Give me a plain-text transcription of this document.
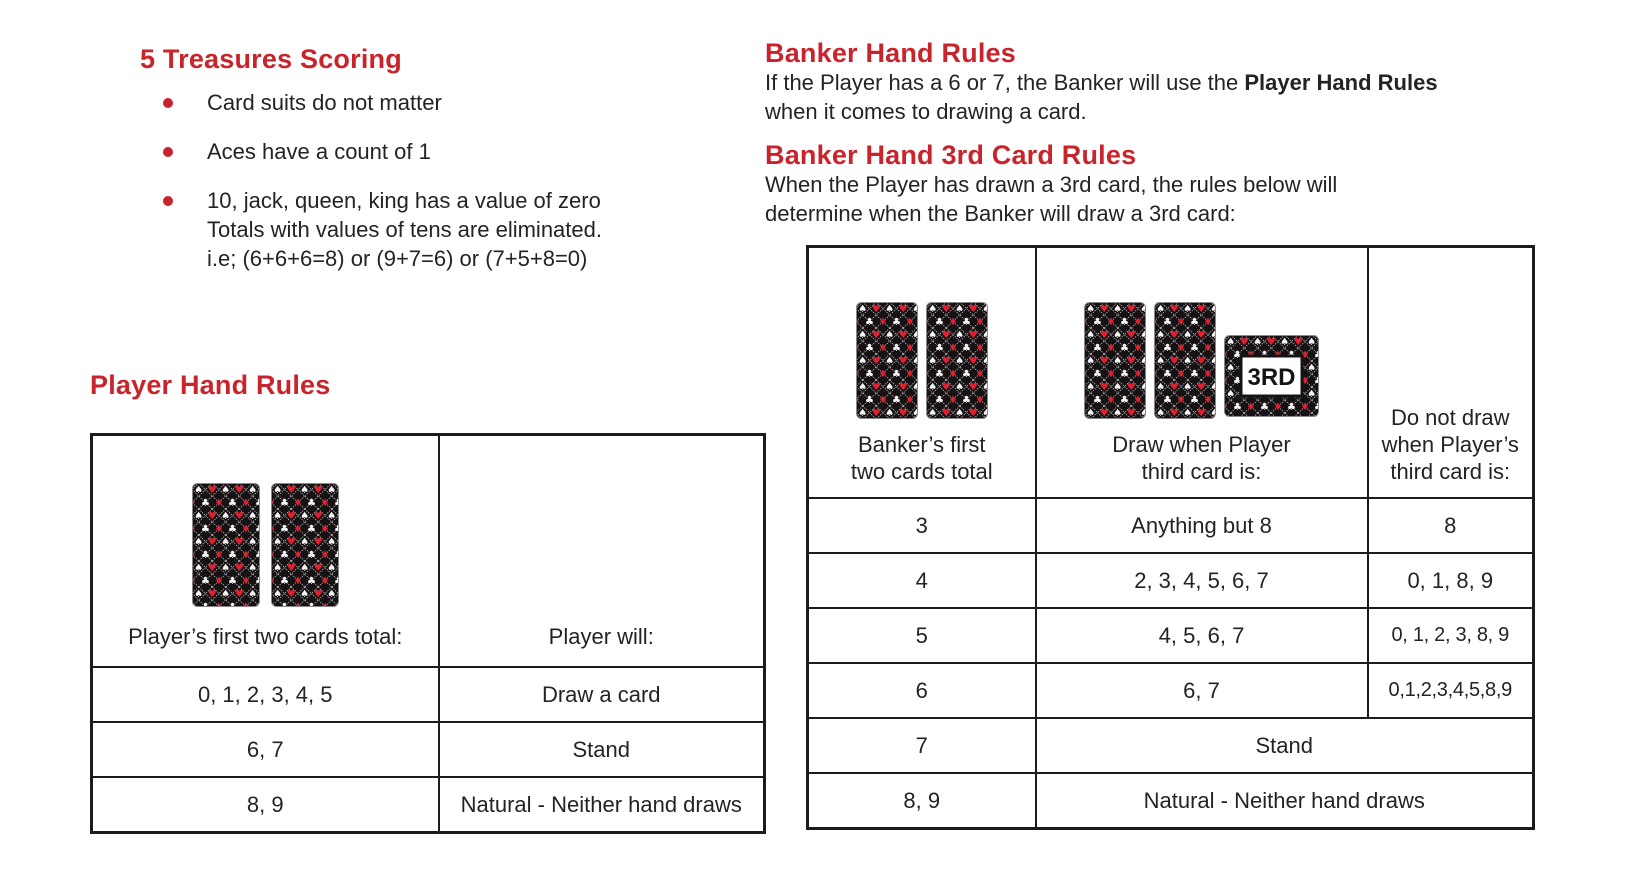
5 Treasures Scoring
Card suits do not matter
Aces have a count of 1
10, jack, queen, king has a value of zero
Totals with values of tens are eliminated.
i.e; (6+6+6=8) or (9+7=6) or (7+5+8=0)
Player Hand Rules
Player’s first two cards total:	Player will:

0, 1, 2, 3, 4, 5	Draw a card
6, 7	Stand
8, 9	Natural - Neither hand draws
Banker Hand Rules

If the Player has a 6 or 7, the Banker will use the Player Hand Rules
when it comes to drawing a card.

Banker Hand 3rd Card Rules

When the Player has drawn a 3rd card, the rules below will
determine when the Banker will draw a 3rd card:

Banker’s first
two cards total

3RD
Draw when Player
third card is:

Do not draw
when Player’s
third card is:

3	Anything but 8	8
4	2, 3, 4, 5, 6, 7	0, 1, 8, 9
5	4, 5, 6, 7	0, 1, 2, 3, 8, 9
6	6, 7	0,1,2,3,4,5,8,9
7	Stand	
8, 9	Natural - Neither hand draws	
